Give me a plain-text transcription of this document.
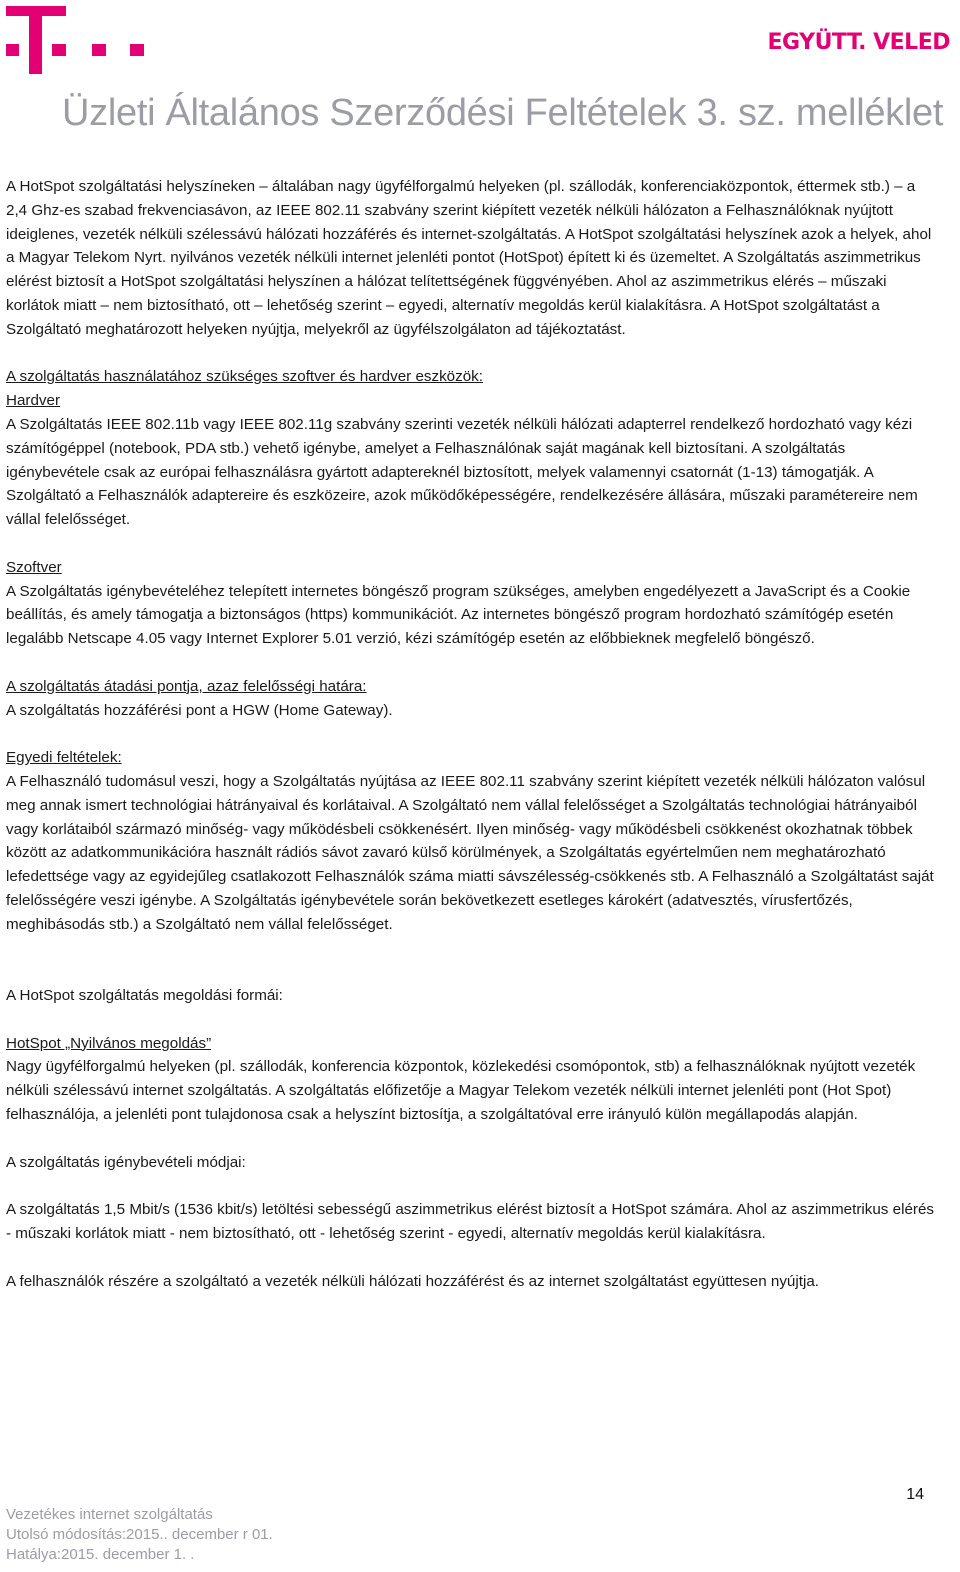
EGYÜTT. VELED
Üzleti Általános Szerződési Feltételek 3. sz. melléklet

A HotSpot szolgáltatási helyszíneken – általában nagy ügyfélforgalmú helyeken (pl. szállodák, konferenciaközpontok, éttermek stb.) – a 2,4 Ghz-es szabad frekvenciasávon, az IEEE 802.11 szabvány szerint kiépített vezeték nélküli hálózaton a Felhasználóknak nyújtott ideiglenes, vezeték nélküli szélessávú hálózati hozzáférés és internet-szolgáltatás. A HotSpot szolgáltatási helyszínek azok a helyek, ahol a Magyar Telekom Nyrt. nyilvános vezeték nélküli internet jelenléti pontot (HotSpot) épített ki és üzemeltet. A Szolgáltatás aszimmetrikus elérést biztosít a HotSpot szolgáltatási helyszínen a hálózat telítettségének függvényében. Ahol az aszimmetrikus elérés – műszaki korlátok miatt – nem biztosítható, ott – lehetőség szerint – egyedi, alternatív megoldás kerül kialakításra. A HotSpot szolgáltatást a Szolgáltató meghatározott helyeken nyújtja, melyekről az ügyfélszolgálaton ad tájékoztatást.

A szolgáltatás használatához szükséges szoftver és hardver eszközök:

Hardver

A Szolgáltatás IEEE 802.11b vagy IEEE 802.11g szabvány szerinti vezeték nélküli hálózati adapterrel rendelkező hordozható vagy kézi számítógéppel (notebook, PDA stb.) vehető igénybe, amelyet a Felhasználónak saját magának kell biztosítani. A szolgáltatás igénybevétele csak az európai felhasználásra gyártott adaptereknél biztosított, melyek valamennyi csatornát (1-13) támogatják. A Szolgáltató a Felhasználók adaptereire és eszközeire, azok működőképességére, rendelkezésére állására, műszaki paramétereire nem vállal felelősséget.

Szoftver

A Szolgáltatás igénybevételéhez telepített internetes böngésző program szükséges, amelyben engedélyezett a JavaScript és a Cookie beállítás, és amely támogatja a biztonságos (https) kommunikációt. Az internetes böngésző program hordozható számítógép esetén legalább Netscape 4.05 vagy Internet Explorer 5.01 verzió, kézi számítógép esetén az előbbieknek megfelelő böngésző.

A szolgáltatás átadási pontja, azaz felelősségi határa:

A szolgáltatás hozzáférési pont a HGW (Home Gateway).

Egyedi feltételek:

A Felhasználó tudomásul veszi, hogy a Szolgáltatás nyújtása az IEEE 802.11 szabvány szerint kiépített vezeték nélküli hálózaton valósul meg annak ismert technológiai hátrányaival és korlátaival. A Szolgáltató nem vállal felelősséget a Szolgáltatás technológiai hátrányaiból vagy korlátaiból származó minőség- vagy működésbeli csökkenésért. Ilyen minőség- vagy működésbeli csökkenést okozhatnak többek között az adatkommunikációra használt rádiós sávot zavaró külső körülmények, a Szolgáltatás egyértelműen nem meghatározható lefedettsége vagy az egyidejűleg csatlakozott Felhasználók száma miatti sávszélesség-csökkenés stb. A Felhasználó a Szolgáltatást saját felelősségére veszi igénybe. A Szolgáltatás igénybevétele során bekövetkezett esetleges károkért (adatvesztés, vírusfertőzés, meghibásodás stb.) a Szolgáltató nem vállal felelősséget.

A HotSpot szolgáltatás megoldási formái:

HotSpot „Nyilvános megoldás”

Nagy ügyfélforgalmú helyeken (pl. szállodák, konferencia központok, közlekedési csomópontok, stb) a felhasználóknak nyújtott vezeték nélküli szélessávú internet szolgáltatás. A szolgáltatás előfizetője a Magyar Telekom vezeték nélküli internet jelenléti pont (Hot Spot) felhasználója, a jelenléti pont tulajdonosa csak a helyszínt biztosítja, a szolgáltatóval erre irányuló külön megállapodás alapján.

A szolgáltatás igénybevételi módjai:

A szolgáltatás 1,5 Mbit/s (1536 kbit/s) letöltési sebességű aszimmetrikus elérést biztosít a HotSpot számára. Ahol az aszimmetrikus elérés - műszaki korlátok miatt - nem biztosítható, ott - lehetőség szerint - egyedi, alternatív megoldás kerül kialakításra.

A felhasználók részére a szolgáltató a vezeték nélküli hálózati hozzáférést és az internet szolgáltatást együttesen nyújtja.

14
Vezetékes internet szolgáltatás
Utolsó módosítás:2015.. december r 01.
Hatálya:2015. december 1. .
